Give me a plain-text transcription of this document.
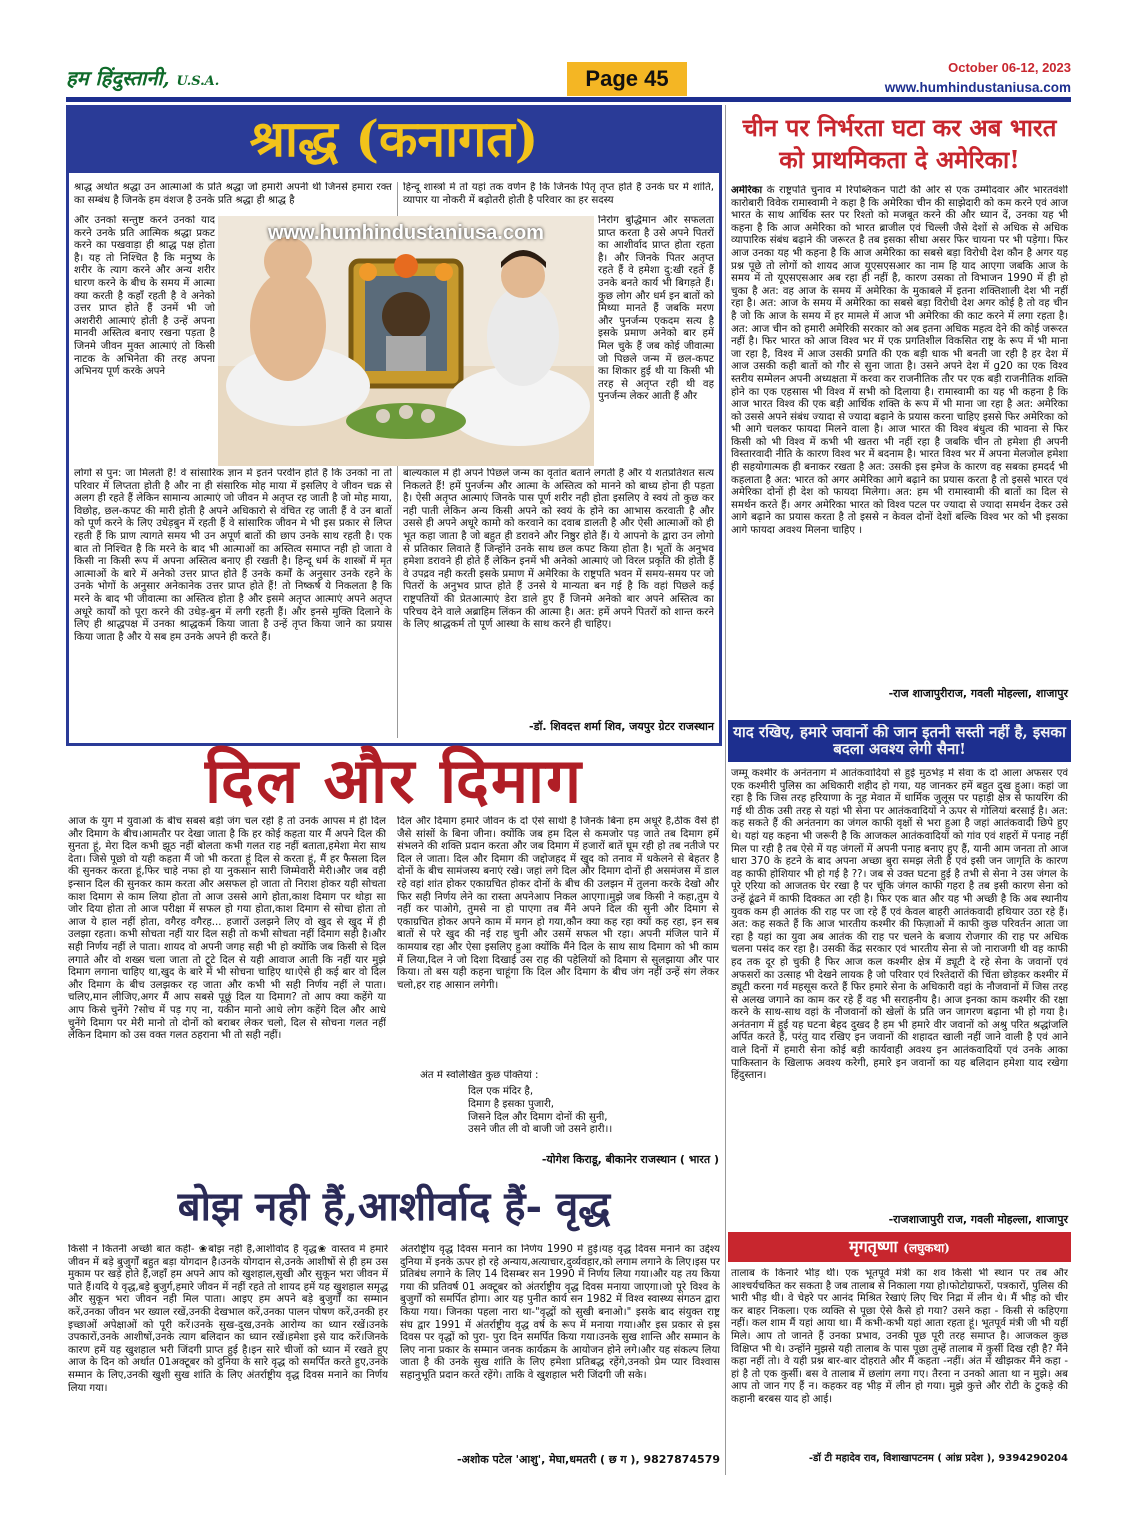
हम हिंदुस्तानी, U.S.A.	Page 45	October 06-12, 2023
www.humhindustaniusa.com
श्राद्ध (कनागत)
श्राद्ध अर्थात श्रद्धा उन आत्माओं के प्रति श्रद्धा जो हमारी अपनी थी जिनसे हमारा रक्त का सम्बंध है जिनके हम वंशज है उनके प्रति श्रद्धा ही श्राद्ध है
और उनको सन्तुष्ट करने उनको याद करने उनके प्रति आत्मिक श्रद्धा प्रकट करने का पखवाड़ा ही श्राद्ध पक्ष होता है। यह तो निश्चित है कि मनुष्य के शरीर के त्याग करने और अन्य शरीर धारण करने के बीच के समय में आत्मा क्या करती है कहाँ रहती है वे अनेको उत्तर प्राप्त होते हैं उनमें भी जो अशरीरी आत्माएं होती है उन्हें अपना मानवी अस्तित्व बनाए रखना पड़ता है जिनमे जीवन मुक्त आत्माएं तो किसी नाटक के अभिनेता की तरह अपना अभिनय पूर्ण करके अपने
लोगो से पुन: जा मिलती हैं! वे सांसारिक ज्ञान में इतने परवीन होते हैं कि उनको ना तो परिवार में लिप्तता होती है और ना ही संसारिक मोह माया में इसलिए वे जीवन चक्र से अलग ही रहते हैं लेकिन सामान्य आत्माएं जो जीवन मे अतृप्त रह जाती है जो मोह माया, विछोह, छल-कपट की मारी होती है अपने अधिकारो से वंचित रह जाती हैं वे उन बातों को पूर्ण करने के लिए उधेड़बुन में रहती हैं वे सांसारिक जीवन मे भी इस प्रकार से लिप्त रहती हैं कि प्राण त्यागते समय भी उन अपूर्ण बातों की छाप उनके साथ रहती है। एक बात तो निश्चित है कि मरने के बाद भी आत्माओं का अस्तित्व समाप्त नही हो जाता वे किसी ना किसी रूप में अपना अस्तित्व बनाए ही रखती है। हिन्दू धर्म के शास्त्रों में मृत आत्माओं के बारे में अनेको उत्तर प्राप्त होते हैं उनके कर्मों के अनुसार उनके रहने के उनके भोगों के अनुसार अनेकानेक उत्तर प्राप्त होते हैं! तो निष्कर्ष ये निकलता है कि मरने के बाद भी जीवात्मा का अस्तित्व होता है और इसमे अतृप्त आत्माएं अपने अतृप्त अधूरे कार्यों को पूरा करने की उधेड़-बुन में लगी रहती हैं। और इनसे मुक्ति दिलाने के लिए ही श्राद्धपक्ष में उनका श्राद्धकर्म किया जाता है उन्हें तृप्त किया जाने का प्रयास किया जाता है और ये सब हम उनके अपने ही करते हैं।
हिन्दू शास्त्रों में तो यहां तक वर्णन है कि जिनके पितृ तृप्त होते हैं उनके घर मे शांति, व्यापार या नोकरी में बढ़ोतरी होती है परिवार का हर सदस्य
निरोग बुद्धिमान और सफलता प्राप्त करता है उसे अपने पितरों का आशीर्वाद प्राप्त होता रहता है। और जिनके पितर अतृप्त रहते हैं वे हमेशा दु:खी रहते हैं उनके बनते कार्य भी बिगड़ते हैं। कुछ लोग और धर्म इन बातों को मिथ्या मानते हैं जबकि मरण और पुनर्जन्म एकदम सत्य है इसके प्रमाण अनेको बार हमें मिल चुके हैं जब कोई जीवात्मा जो पिछले जन्म में छल-कपट का शिकार हुई थी या किसी भी तरह से अतृप्त रही थी वह पुनर्जन्म लेकर आती हैं और
बाल्यकाल में ही अपने पिछले जन्म का वृतांत बताने लगती है और ये शतप्रतिशत सत्य निकलते हैं! हमें पुनर्जन्म और आत्मा के अस्तित्व को मानने को बाध्य होना ही पड़ता है। ऐसी अतृप्त आत्माएं जिनके पास पूर्ण शरीर नही होता इसलिए वे स्वयं तो कुछ कर नही पाती लेकिन अन्य किसी अपने को स्वयं के होने का आभास करवाती है और उससे ही अपने अधूरे कामो को करवाने का दवाब डालती है और ऐसी आत्माओं को ही भूत कहा जाता है जो बहुत ही डरावने और निष्ठुर होते हैं। ये आपनो के द्वारा उन लोगो से प्रतिकार लिवाते हैं जिन्होंने उनके साथ छल कपट किया होता है। भूतों के अनुभव हमेशा डरावने ही होते हैं लेकिन इनमें भी अनेको आत्माएं जो विरल प्रकृति की होती हैं वे उपद्रव नही करती इसके प्रमाण में अमेरिका के राष्ट्रपति भवन में समय-समय पर जो पितरों के अनुभव प्राप्त होते हैं उनसे ये मान्यता बन गई है कि वहां पिछले कई राष्ट्रपतियों की प्रेतआत्माएं डेरा डाले हुए हैं जिनमे अनेको बार अपने अस्तित्व का परिचय देने वाले अब्राहिम लिंकन की आत्मा है। अत: हमें अपने पितरों को शान्त करने के लिए श्राद्धकर्म तो पूर्ण आस्था के साथ करने ही चाहिए।
-डॉ. शिवदत्त शर्मा शिव, जयपुर ग्रेटर राजस्थान
www.humhindustaniusa.com
दिल और दिमाग
आज के युग में युवाओं के बीच सबसे बड़ी जंग चल रही है तो उनके आपस में ही दिल और दिमाग के बीच।आमतौर पर देखा जाता है कि हर कोई कहता यार मैं अपने दिल की सुनता हूं, मेरा दिल कभी झूठ नहीं बोलता कभी गलत राह नहीं बताता,हमेशा मेरा साथ देता। जिसे पूछो वो यही कहता मैं जो भी करता हूं दिल से करता हूं, मैं हर फैसला दिल की सुनकर करता हूं,फिर चाहे नफा हो या नुकसान सारी जिम्मेवारी मेरी।और जब वही इन्सान दिल की सुनकर काम करता और असफल हो जाता तो निराश होकर यही सोचता काश दिमाग से काम लिया होता तो आज उससे आगे होता,काश दिमाग पर थोड़ा सा जोर दिया होता तो आज परीक्षा में सफल हो गया होता,काश दिमाग से सोचा होता तो आज ये हाल नहीं होता, वगैरह वगैरह... हजारों उलझने लिए वो खुद से खुद में ही उलझा रहता। कभी सोचता नहीं यार दिल सही तो कभी सोचता नहीं दिमाग सही है।और सही निर्णय नहीं ले पाता। शायद वो अपनी जगह सही भी हो क्योंकि जब किसी से दिल लगाते और वो शख्स चला जाता तो टूटे दिल से यही आवाज आती कि नहीं यार मुझे दिमाग लगाना चाहिए था,खुद के बारे में भी सोचना चाहिए था।ऐसे ही कई बार वो दिल और दिमाग के बीच उलझकर रह जाता और कभी भी सही निर्णय नहीं ले पाता। चलिए,मान लीजिए,अगर मैं आप सबसे पूछूं दिल या दिमाग? तो आप क्या कहेंगे या आप किसे चुनेंगे ?सोच में पड़ गए ना, यकीन मानो आधे लोग कहेंगे दिल और आधे चुनेंगे दिमाग पर मेरी मानो तो दोनों को बराबर लेकर चलो, दिल से सोचना गलत नहीं लेकिन दिमाग को उस वक्त गलत ठहराना भी तो सही नहीं।
दिल और दिमाग हमारे जीवन के दो ऐसे साथी है जिनके बिना हम अधूरे है,ठीक वैसे ही जैसे सांसों के बिना जीना। क्योंकि जब हम दिल से कमजोर पड़ जाते तब दिमाग हमें संभलने की शक्ति प्रदान करता और जब दिमाग में हजारों बातें घूम रही हो तब नतीजे पर दिल ले जाता। दिल और दिमाग की जद्दोजहद में खुद को तनाव में धकेलने से बेहतर है दोनों के बीच सामंजस्य बनाएं रखे। जहां लगे दिल और दिमाग दोनों ही असमंजस में डाल रहे वहां शांत होकर एकाग्रचित होकर दोनों के बीच की उलझन में तुलना करके देखो और फिर सही निर्णय लेने का रास्ता अपनेआप निकल आएगा।मुझे जब किसी ने कहा,तुम ये नहीं कर पाओगे, तुमसे ना हो पाएगा तब मैंने अपने दिल की सुनी और दिमाग से एकाग्रचित होकर अपने काम में मगन हो गया,कौन क्या कह रहा क्यों कह रहा, इन सब बातों से परे खुद की नई राह चुनी और उसमें सफल भी रहा। अपनी मंजिल पाने में कामयाब रहा और ऐसा इसलिए हुआ क्योंकि मैंने दिल के साथ साथ दिमाग को भी काम में लिया,दिल ने जो दिशा दिखाई उस राह की पहेलियों को दिमाग से सुलझाया और पार किया। तो बस यही कहना चाहूंगा कि दिल और दिमाग के बीच जंग नहीं उन्हें संग लेकर चलो,हर राह आसान लगेगी।
अंत में स्वलिखित कुछ पंक्तियां :
दिल एक मंदिर है,
दिमाग है इसका पुजारी,
जिसने दिल और दिमाग दोनों की सुनी,
उसने जीत ली वो बाजी जो उसने हारी।।
-योगेश किराडू, बीकानेर राजस्थान ( भारत )
बोझ नही हैं,आशीर्वाद हैं- वृद्ध
किसी ने कितनी अच्छी बात कही- ❀बोझ नहीं हैं,आशीर्वाद हैं वृद्ध❀ वास्तव मे हमारे जीवन में बड़े बुजुर्गों बहुत बड़ा योगदान है।उनके योगदान से,उनके आशीषों से ही हम उस मुकाम पर खड़े होते हैं,जहाँ हम अपने आप को खुशहाल,सुखी और सुकून भरा जीवन में पाते हैं।यदि ये वृद्ध,बड़े बुजुर्ग,हमारे जीवन में नहीं रहते तो शायद हमें यह खुशहाल समृद्ध और सुकून भरा जीवन नही मिल पाता। आइए हम अपने बड़े बुजुर्गों का सम्मान करें,उनका जीवन भर ख्याल रखें,उनकी देखभाल करें,उनका पालन पोषण करें,उनकी हर इच्छाओं अपेक्षाओं को पूरी करें।उनके सुख-दुख,उनके आरोग्य का ध्यान रखें।उनके उपकारों,उनके आशीषों,उनके त्याग बलिदान का ध्यान रखें।हमेशा इसे याद करें।जिनके कारण हमें यह खुशहाल भरी जिंदगी प्राप्त हुई है।इन सारे चीजों को ध्यान में रखते हुए आज के दिन को अर्थात 01अक्टूबर को दुनिया के सारे वृद्ध को समर्पित करते हुए,उनके सम्मान के लिए,उनकी खुशी सुख शांति के लिए अंतर्राष्ट्रीय वृद्ध दिवस मनाने का निर्णय लिया गया।
अंतर्राष्ट्रीय वृद्ध दिवस मनाने का निर्णय 1990 में हुई।यह वृद्ध दिवस मनाने का उद्देश्य दुनिया में इनके ऊपर हो रहे अन्याय,अत्याचार,दुर्व्यवहार,को लगाम लगाने के लिए।इस पर प्रतिबंध लगाने के लिए 14 दिसम्बर सन 1990 में निर्णय लिया गया।और यह तय किया गया की प्रतिवर्ष 01 अक्टूबर को अंतर्राष्ट्रीय वृद्ध दिवस मनाया जाएगा।जो पूरे विश्व के बुजुर्गों को समर्पित होगा। आर यह पुनीत कार्य सन 1982 में विश्व स्वास्थ्य संगठन द्वारा किया गया। जिनका पहला नारा था-"वृद्धों को सुखी बनाओ।" इसके बाद संयुक्त राष्ट्र संघ द्वार 1991 में अंतर्राष्ट्रीय वृद्ध वर्ष के रूप में मनाया गया।और इस प्रकार से इस दिवस पर वृद्धों को पुरा- पुरा दिन समर्पित किया गया।उनके सुख शान्ति और सम्मान के लिए नाना प्रकार के सम्मान जनक कार्यक्रम के आयोजन होने लगे।और यह संकल्प लिया जाता है की उनके सुख शांति के लिए हमेशा प्रतिबद्ध रहेंगे,उनको प्रेम प्यार विश्वास सहानुभूति प्रदान करते रहेंगे। ताकि वे खुशहाल भरी जिंदगी जी सके।
-अशोक पटेल 'आशु', मेघा,धमतरी ( छ ग ), 9827874579
चीन पर निर्भरता घटा कर अब भारत को प्राथमिकता दे अमेरिका!
अमेरिका के राष्ट्रपति चुनाव में रिपब्लिकन पार्टी की ओर से एक उम्मीदवार और भारतवंशी कारोबारी विवेक रामास्वामी ने कहा है कि अमेरिका चीन की साझेदारी को कम करने एवं आज भारत के साथ आर्थिक स्तर पर रिश्तो को मजबूत करने की और ध्यान दें, उनका यह भी कहना है कि आज अमेरिका को भारत ब्राजील एवं चिल्ली जैसे देशों से अधिक से अधिक व्यापारिक संबंध बढ़ाने की जरूरत है तब इसका सीधा असर फिर चायना पर भी पड़ेगा। फिर आज उनका यह भी कहना है कि आज अमेरिका का सबसे बड़ा विरोधी देश कौन है अगर यह प्रश्न पूछे तो लोगों को शायद आज यूएसएसआर का नाम हि याद आएगा जबकि आज के समय में तो यूएसएसआर अब रहा ही नहीं है, कारण उसका तो विभाजन 1990 में ही हो चुका है अत: वह आज के समय में अमेरिका के मुकाबले में इतना शक्तिशाली देश भी नहीं रहा है। अत: आज के समय में अमेरिका का सबसे बड़ा विरोधी देश अगर कोई है तो वह चीन है जो कि आज के समय में हर मामले में आज भी अमेरिका की काट करने में लगा रहता है। अत: आज चीन को हमारी अमेरिकी सरकार को अब इतना अधिक महत्व देने की कोई जरूरत नहीं है। फिर भारत को आज विश्व भर में एक प्रगतिशील विकसित राष्ट्र के रूप में भी माना जा रहा है, विश्व में आज उसकी प्रगति की एक बड़ी धाक भी बनती जा रही है हर देश में आज उसकी कही बातों को गौर से सुना जाता है। उसने अपने देश में g20 का एक विश्व स्तरीय सम्मेलन अपनी अध्यक्षता में करवा कर राजनीतिक तौर पर एक बड़ी राजनीतिक शक्ति होने का एक एहसास भी विश्व में सभी को दिलाया है। रामास्वामी का यह भी कहना है कि आज भारत विश्व की एक बड़ी आर्थिक शक्ति के रूप में भी माना जा रहा है अत: अमेरिका को उससे अपने संबंध ज्यादा से ज्यादा बढ़ाने के प्रयास करना चाहिए इससे फिर अमेरिका को भी आगे चलकर फायदा मिलने वाला है। आज भारत की विश्व बंधुत्व की भावना से फिर किसी को भी विश्व में कभी भी खतरा भी नहीं रहा है जबकि चीन तो हमेशा ही अपनी विस्तारवादी नीति के कारण विश्व भर में बदनाम है। भारत विश्व भर में अपना मेलजोल हमेशा ही सहयोगात्मक ही बनाकर रखता है अत: उसकी इस इमेज के कारण वह सबका हमदर्द भी कहलाता है अत: भारत को अगर अमेरिका आगे बढ़ाने का प्रयास करता है तो इससे भारत एवं अमेरिका दोनों ही देश को फायदा मिलेगा। अत: हम भी रामास्वामी की बातों का दिल से समर्थन करते हैं। अगर अमेरिका भारत को विश्व पटल पर ज्यादा से ज्यादा समर्थन देकर उसे आगे बढ़ाने का प्रयास करता है तो इससे न केवल दोनों देशों बल्कि विश्व भर को भी इसका आगे फायदा अवश्य मिलना चाहिए ।
-राज शाजापुरीराज, गवली मोहल्ला, शाजापुर
याद रखिए, हमारे जवानों की जान इतनी सस्ती नहीं है, इसका बदला अवश्य लेगी सैना!
जम्मू कश्मीर के अनंतनाग में आतंकवादियों से हुई मुठभेड़ में सेवा के दो आला अफसर एवं एक कश्मीरी पुलिस का अधिकारी शहीद हो गया, यह जानकर हमें बहुत दुख हुआ। कहां जा रहा है कि जिस तरह हरियाणा के नूह मेवात में धार्मिक जुलूस पर पहाड़ी क्षेत्र से फायरिंग की गई थी ठीक उसी तरह से यहां भी सेना पर आतंकवादियों ने ऊपर से गोलियां बरसाई है। अत: कह सकते हैं की अनंतनाग का जंगल काफी वृक्षों से भरा हुआ है जहां आतंकवादी छिपे हुए थे। यहां यह कहना भी जरूरी है कि आजकल आतंकवादियों को गांव एवं शहरों में पनाह नहीं मिल पा रही है तब ऐसे में यह जंगलों में अपनी पनाह बनाए हुए हैं, यानी आम जनता तो आज धारा 370 के हटने के बाद अपना अच्छा बुरा समझ लेती है एवं इसी जन जागृति के कारण वह काफी होशियार भी हो गई है ??। जब से उक्त घटना हुई है तभी से सेना ने उस जंगल के पूरे एरिया को आजतक घेर रखा है पर चूंकि जंगल काफी गहरा है तब इसी कारण सेना को उन्हें ढूंढने में काफी दिक्कत आ रही है। फिर एक बात और यह भी अच्छी है कि अब स्थानीय युवक कम ही आतंक की राह पर जा रहे हैं एवं केवल बाहरी आतंकवादी हथियार उठा रहे हैं। अत: कह सकते हैं कि आज भारतीय कश्मीर की फिज़ाओं में काफी कुछ परिवर्तन आता जा रहा है यहां का युवा अब आतंक की राह पर चलने के बजाय रोजगार की राह पर अधिक चलना पसंद कर रहा है। उसकी केंद्र सरकार एवं भारतीय सेना से जो नाराजगी थी वह काफी हद तक दूर हो चुकी है फिर आज कल कश्मीर क्षेत्र में ड्यूटी दे रहे सेना के जवानों एवं अफसरों का उत्साह भी देखने लायक है जो परिवार एवं रिश्तेदारों की चिंता छोड़कर कश्मीर में ड्यूटी करना गर्व महसूस करते हैं फिर हमारे सेना के अधिकारी वहां के नौजवानों में जिस तरह से अलख जगाने का काम कर रहे हैं वह भी सराहनीय है। आज इनका काम कश्मीर की रक्षा करने के साथ-साथ वहां के नौजवानों को खेलों के प्रति जन जागरण बढ़ाना भी हो गया है। अनंतनाग में हुई यह घटना बेहद दुखद है हम भी हमारे वीर जवानों को अश्रु परित श्रद्धांजलि अर्पित करते हैं, परंतु याद रखिए इन जवानों की शहादत खाली नहीं जाने वाली है एवं आने वाले दिनों में हमारी सेना कोई बड़ी कार्यवाही अवश्य इन आतंकवादियों एवं उनके आका पाकिस्तान के खिलाफ अवश्य करेगी, हमारे इन जवानों का यह बलिदान हमेशा याद रखेगा हिंदुस्तान।
-राजशाजापुरी राज, गवली मोहल्ला, शाजापुर
मृगतृष्णा (लघुकथा)
तालाब के किनारे भीड़ थी। एक भूतपूर्व मंत्री का शव किसी भी स्थान पर तब और आश्चर्यचकित कर सकता है जब तालाब से निकाला गया हो।फोटोग्राफरों, पत्रकारों, पुलिस की भारी भीड़ थी। वे चेहरे पर आनंद मिश्रित रेखाएं लिए चिर निद्रा में लीन थे। मैं भीड़ को चीर कर बाहर निकला। एक व्यक्ति से पूछा ऐसे कैसे हो गया? उसने कहा - किसी से कहिएगा नहीं। कल शाम मैं यहां आया था। मैं कभी-कभी यहां आता रहता हूं। भूतपूर्व मंत्री जी भी यहीं मिले। आप तो जानते हैं उनका प्रभाव, उनकी पूछ पूरी तरह समाप्त है। आजकल कुछ विक्षिप्त भी थे। उन्होंने मुझसे यही तालाब के पास पूछा तुम्हें तालाब में कुर्सी दिख रही है? मैंने कहा नहीं तो। वे यही प्रश्न बार-बार दोहराते और मैं कहता -नहीं। अंत में खीझकर मैंने कहा - हां है तो एक कुर्सी। बस वे तालाब में छलांग लगा गए। तैरना न उनको आता था न मुझे। अब आप तो जान गए हैं न। कहकर वह भीड़ में लीन हो गया। मुझे कुत्ते और रोटी के टुकड़े की कहानी बरबस याद हो आई।
-डॉ टी महादेव राव, विशाखापटनम ( आंध्र प्रदेश ), 9394290204
